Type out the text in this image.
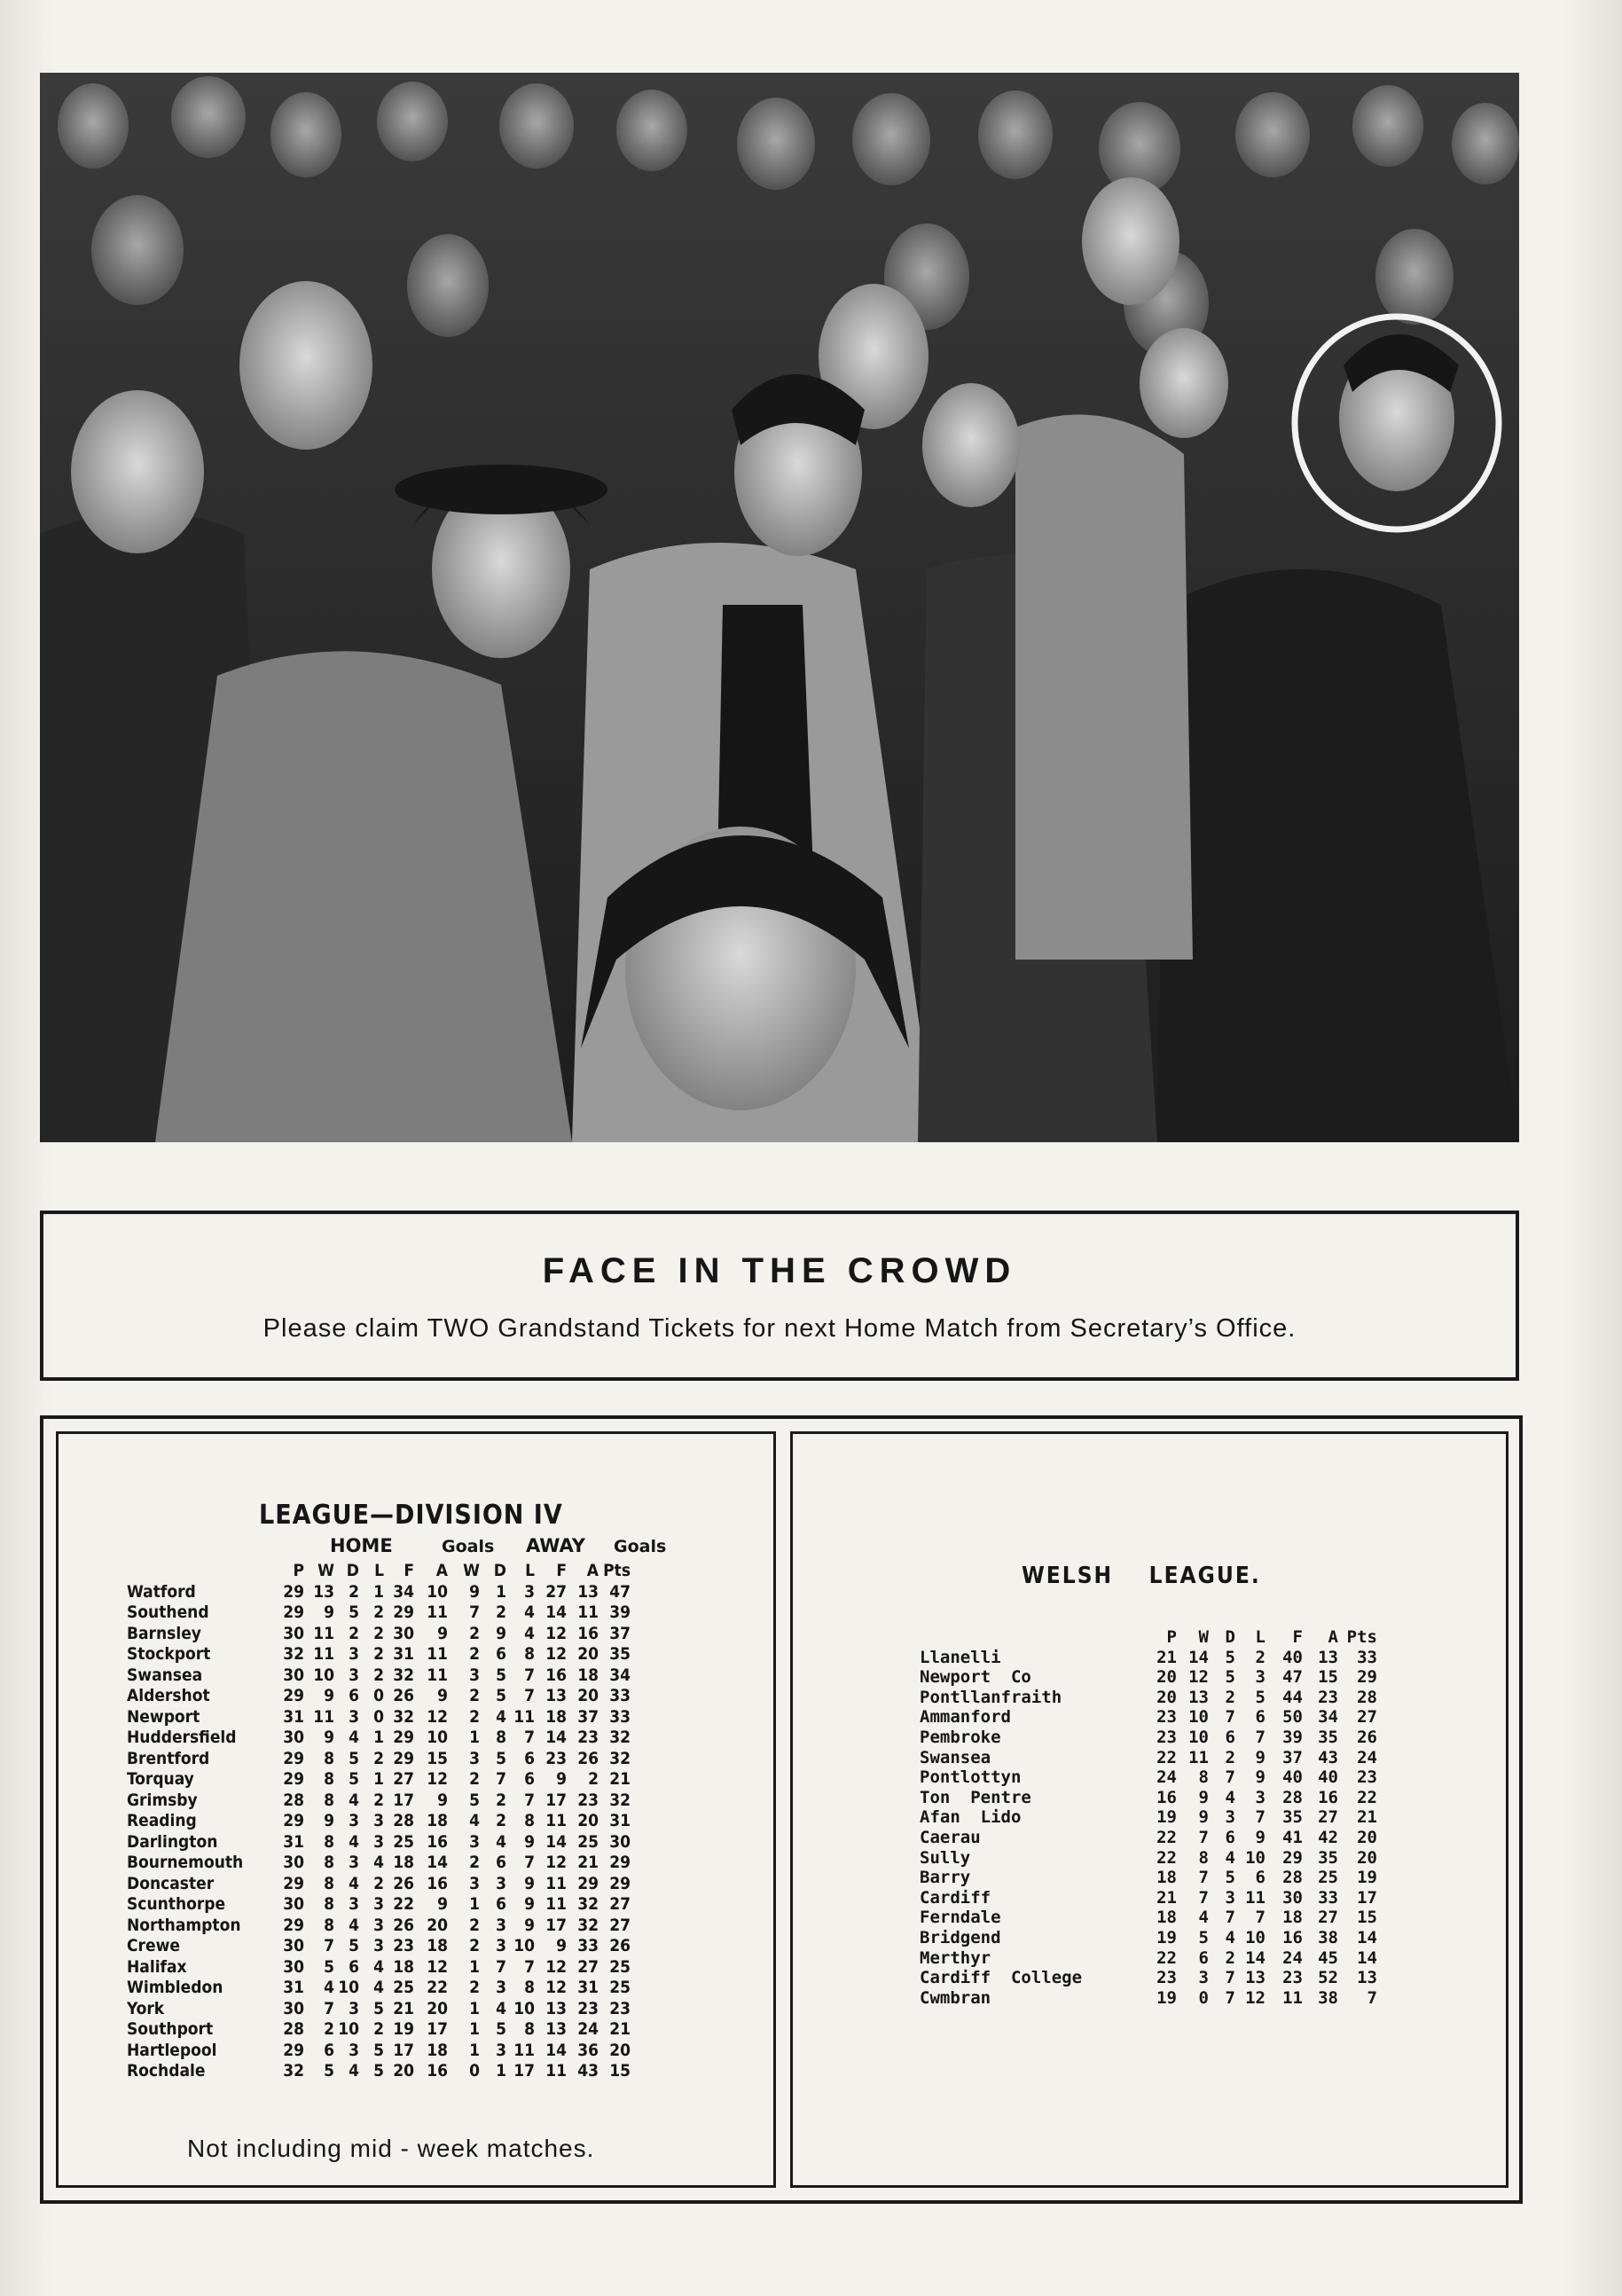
FACE IN THE CROWD
Please claim TWO Grandstand Tickets for next Home Match from Secretary’s Office.
LEAGUE—DIVISION IV
HOME	Goals AWAY Goals
	P	W	D	L	F	A	W	D	L	F	A	Pts
Watford	29	13	2	1	34	10	9	1	3	27	13	47
Southend	29	9	5	2	29	11	7	2	4	14	11	39
Barnsley	30	11	2	2	30	9	2	9	4	12	16	37
Stockport	32	11	3	2	31	11	2	6	8	12	20	35
Swansea	30	10	3	2	32	11	3	5	7	16	18	34
Aldershot	29	9	6	0	26	9	2	5	7	13	20	33
Newport	31	11	3	0	32	12	2	4	11	18	37	33
Huddersfield	30	9	4	1	29	10	1	8	7	14	23	32
Brentford	29	8	5	2	29	15	3	5	6	23	26	32
Torquay	29	8	5	1	27	12	2	7	6	9	2	21
Grimsby	28	8	4	2	17	9	5	2	7	17	23	32
Reading	29	9	3	3	28	18	4	2	8	11	20	31
Darlington	31	8	4	3	25	16	3	4	9	14	25	30
Bournemouth	30	8	3	4	18	14	2	6	7	12	21	29
Doncaster	29	8	4	2	26	16	3	3	9	11	29	29
Scunthorpe	30	8	3	3	22	9	1	6	9	11	32	27
Northampton	29	8	4	3	26	20	2	3	9	17	32	27
Crewe	30	7	5	3	23	18	2	3	10	9	33	26
Halifax	30	5	6	4	18	12	1	7	7	12	27	25
Wimbledon	31	4	10	4	25	22	2	3	8	12	31	25
York	30	7	3	5	21	20	1	4	10	13	23	23
Southport	28	2	10	2	19	17	1	5	8	13	24	21
Hartlepool	29	6	3	5	17	18	1	3	11	14	36	20
Rochdale	32	5	4	5	20	16	0	1	17	11	43	15
Not including mid - week matches.
WELSH    LEAGUE.
	P	W	D	L	F	A	Pts
Llanelli	21	14	5	2	40	13	33
Newport  Co	20	12	5	3	47	15	29
Pontllanfraith	20	13	2	5	44	23	28
Ammanford	23	10	7	6	50	34	27
Pembroke	23	10	6	7	39	35	26
Swansea	22	11	2	9	37	43	24
Pontlottyn	24	8	7	9	40	40	23
Ton  Pentre	16	9	4	3	28	16	22
Afan  Lido	19	9	3	7	35	27	21
Caerau	22	7	6	9	41	42	20
Sully	22	8	4	10	29	35	20
Barry	18	7	5	6	28	25	19
Cardiff	21	7	3	11	30	33	17
Ferndale	18	4	7	7	18	27	15
Bridgend	19	5	4	10	16	38	14
Merthyr	22	6	2	14	24	45	14
Cardiff  College	23	3	7	13	23	52	13
Cwmbran	19	0	7	12	11	38	7
